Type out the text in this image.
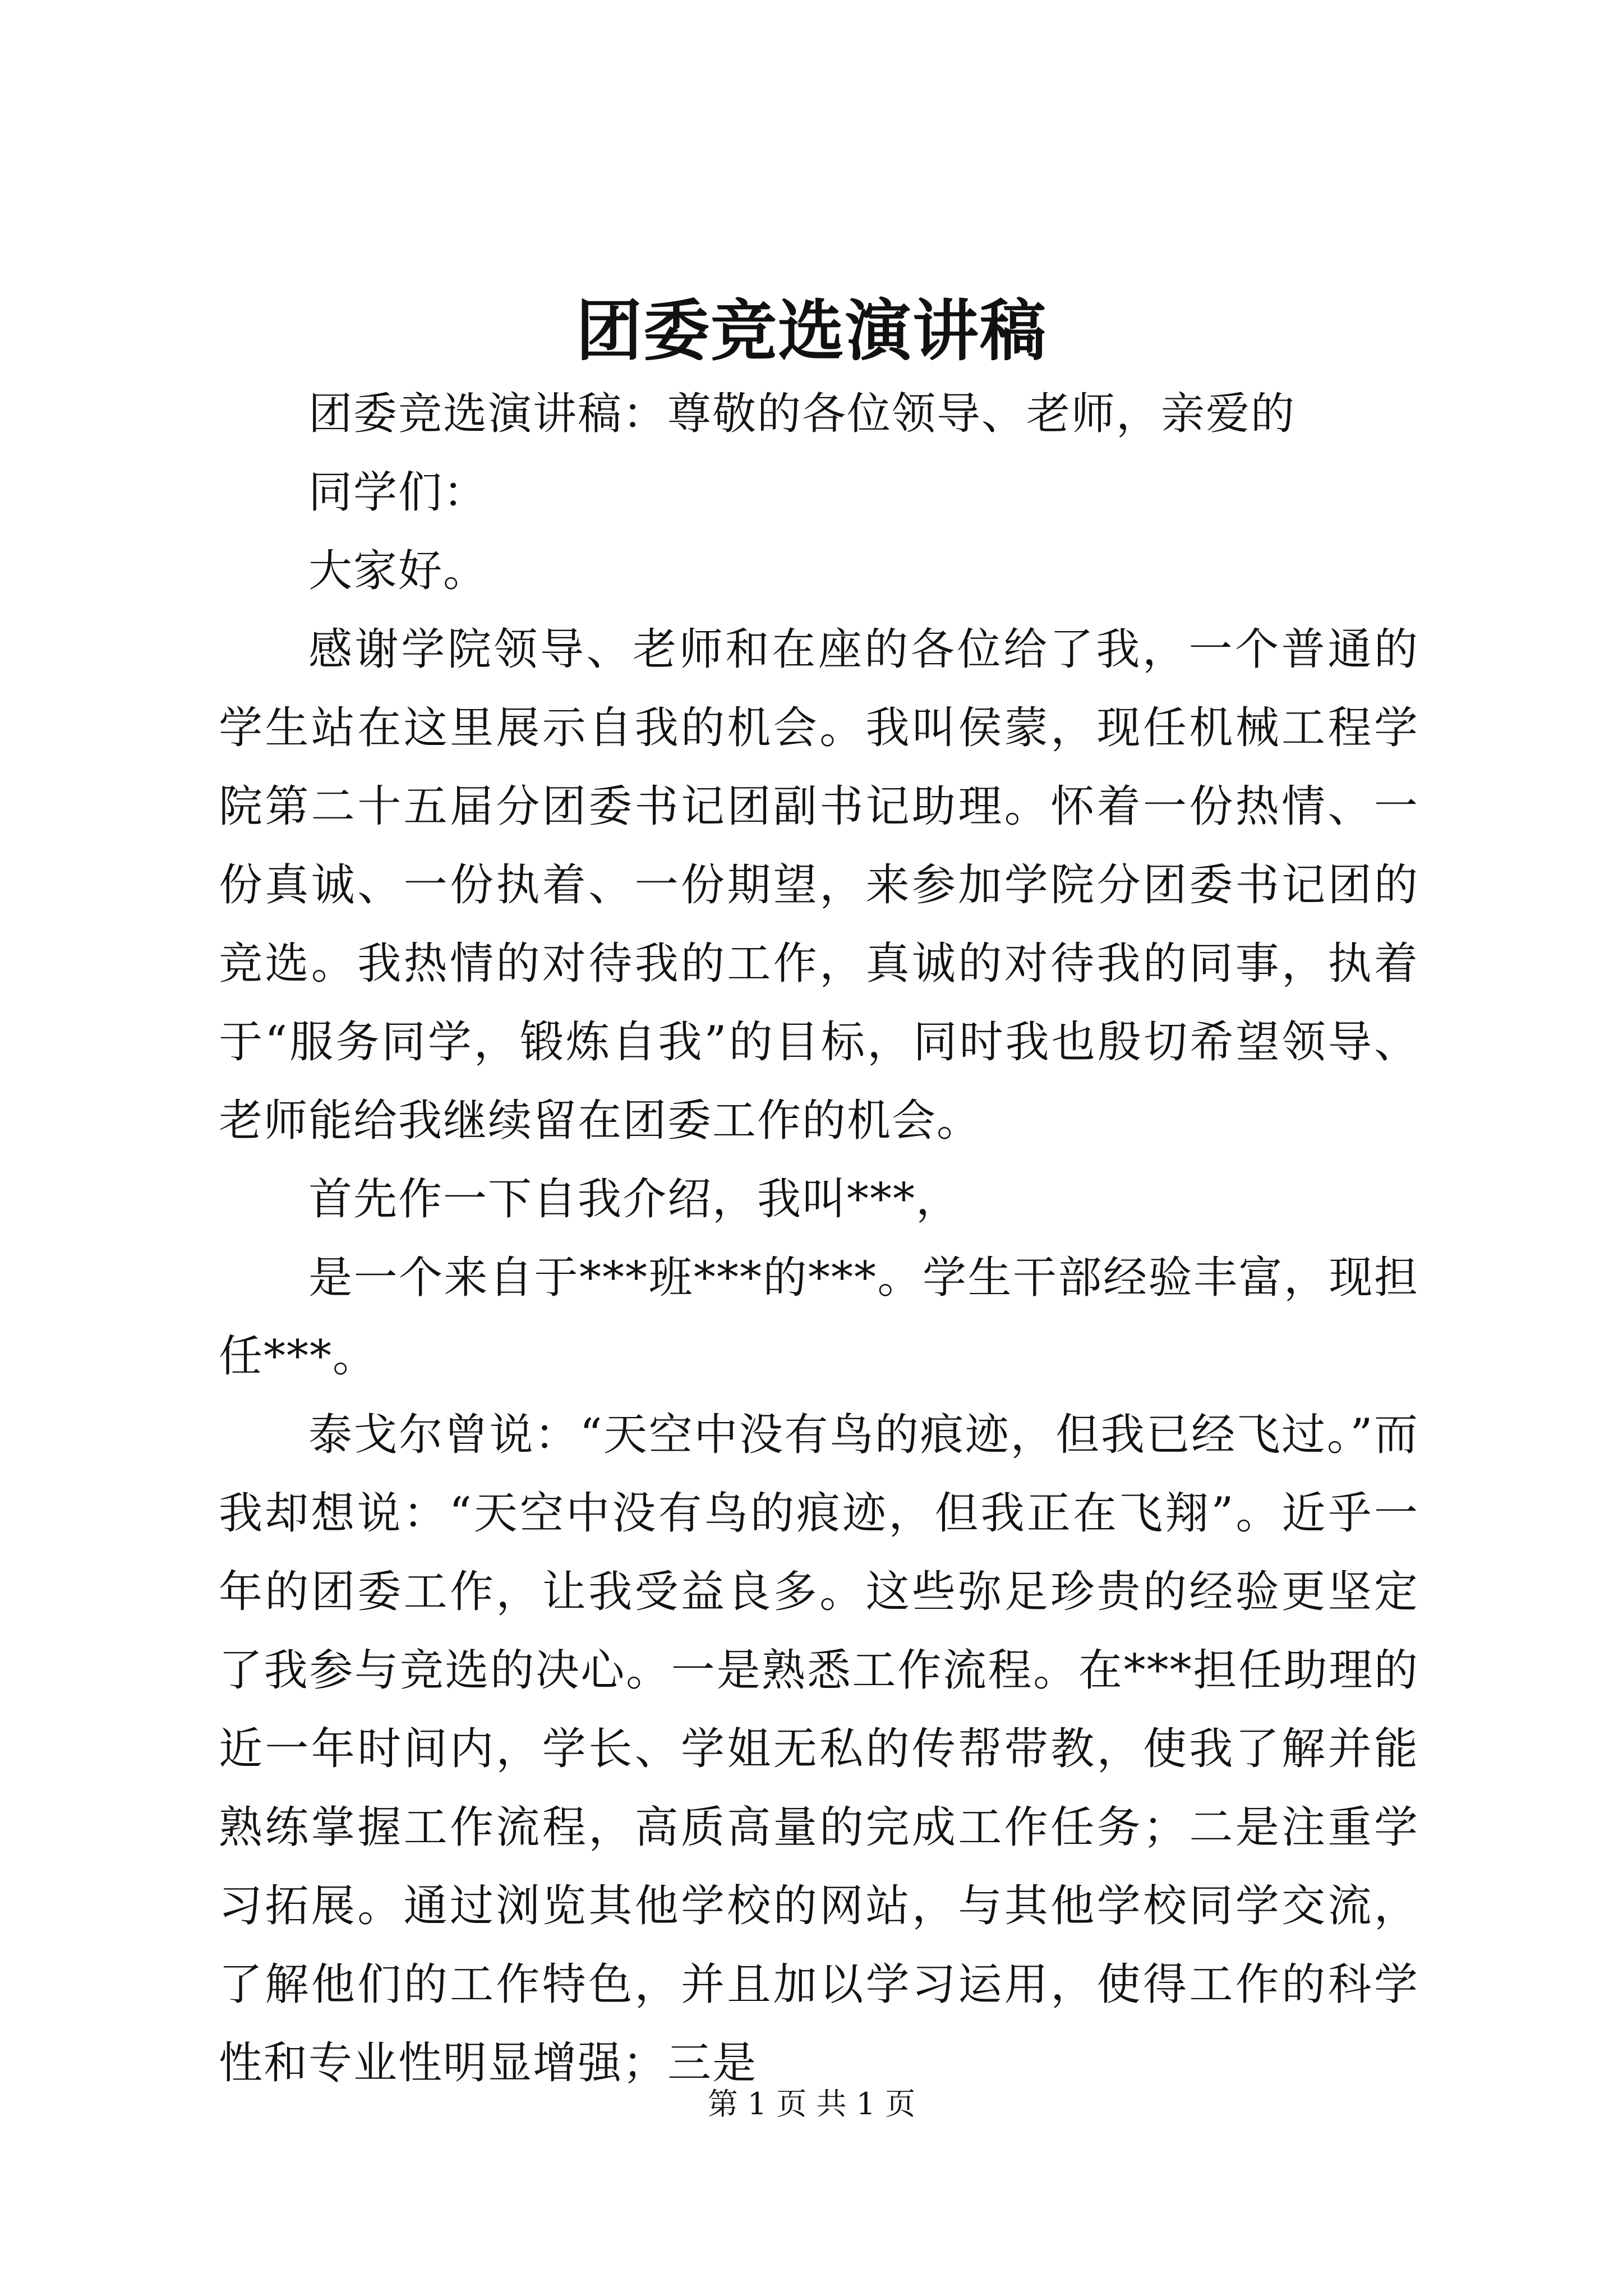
团委竞选演讲稿

团委竞选演讲稿：尊敬的各位领导、老师，亲爱的

同学们：

大家好。

感谢学院领导、老师和在座的各位给了我，一个普通的学生站在这里展示自我的机会。我叫侯蒙，现任机械工程学院第二十五届分团委书记团副书记助理。怀着一份热情、一份真诚、一份执着、一份期望，来参加学院分团委书记团的竞选。我热情的对待我的工作，真诚的对待我的同事，执着于“服务同学，锻炼自我”的目标，同时我也殷切希望领导、老师能给我继续留在团委工作的机会。

首先作一下自我介绍，我叫***，

是一个来自于***班***的***。学生干部经验丰富，现担任***。

泰戈尔曾说：“天空中没有鸟的痕迹，但我已经飞过。”而我却想说：“天空中没有鸟的痕迹，但我正在飞翔”。近乎一年的团委工作，让我受益良多。这些弥足珍贵的经验更坚定了我参与竞选的决心。一是熟悉工作流程。在***担任助理的近一年时间内，学长、学姐无私的传帮带教，使我了解并能熟练掌握工作流程，高质高量的完成工作任务；二是注重学习拓展。通过浏览其他学校的网站，与其他学校同学交流，了解他们的工作特色，并且加以学习运用，使得工作的科学性和专业性明显增强；三是

第 1 页 共 1 页
